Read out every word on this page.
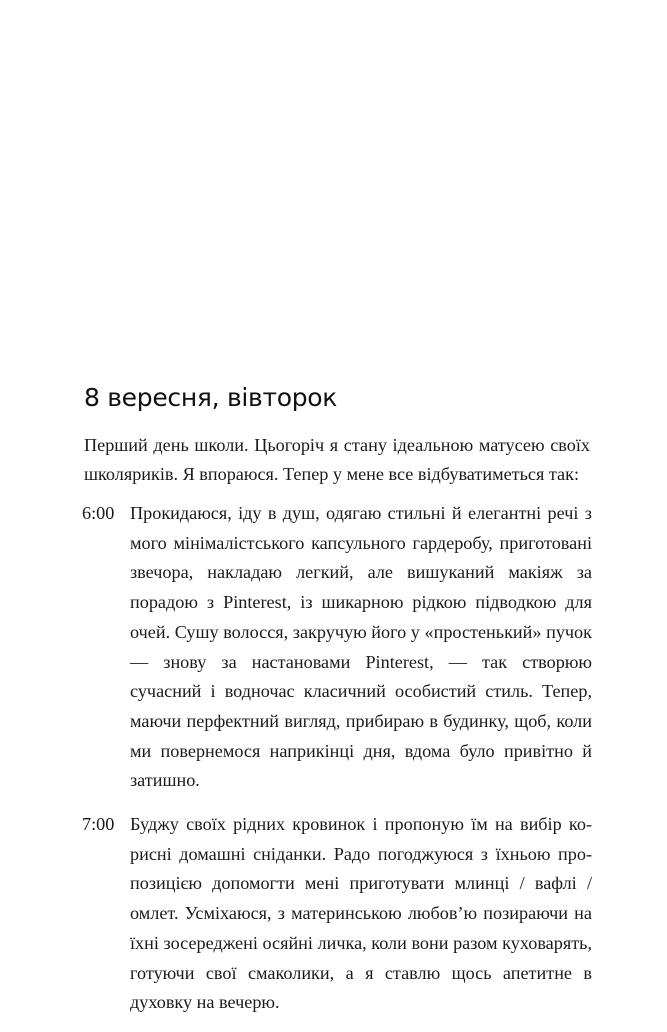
8 вересня, вівторок

Перший день школи. Цьогоріч я стану ідеальною матусею своїх школяриків. Я впораюся. Тепер у мене все відбуватиметься так:

6:00 Прокидаюся, іду в душ, одягаю стильні й елегантні речі з мого мінімалістського капсульного гардеробу, приготовані звечора, накладаю легкий, але вишуканий макіяж за порадою з Pinterest, із шикарною рідкою підводкою для очей. Сушу волосся, закручую його у «простенький» пучок — знову за настановами Pinterest, — так створюю сучасний і водночас класичний особистий стиль. Тепер, маючи перфектний вигляд, прибираю в будинку, щоб, коли ми повернемося наприкінці дня, вдома було привітно й затишно.

7:00 Буджу своїх рідних кровинок і пропоную їм на вибір корисні домашні сніданки. Радо погоджуюся з їхньою пропозицією допомогти мені приготувати млинці / вафлі / омлет. Усміхаюся, з материнською любов’ю позираючи на їхні зосереджені осяйні личка, коли вони разом куховарять, готуючи свої смаколики, а я ставлю щось апетитне в духовку на вечерю.
